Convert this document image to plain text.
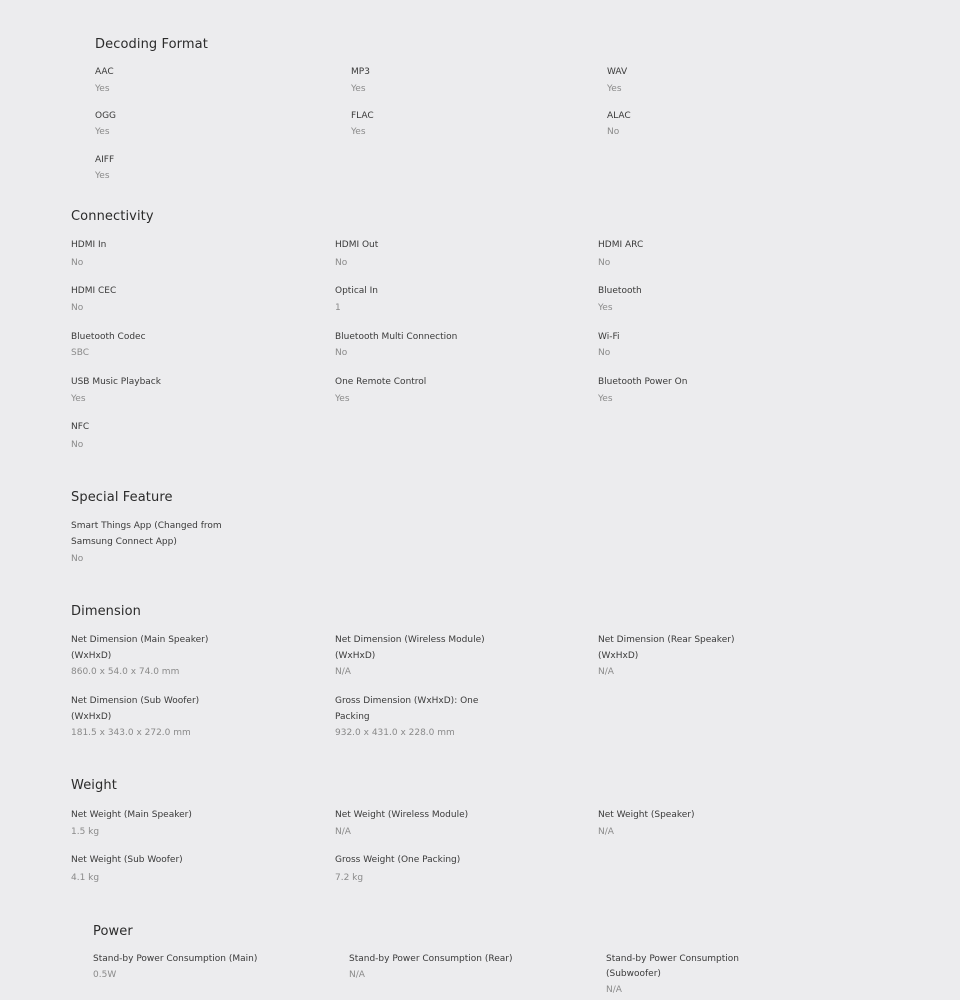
Decoding Format
AAC
Yes
MP3
Yes
WAV
Yes
OGG
Yes
FLAC
Yes
ALAC
No
AIFF
Yes
Connectivity
HDMI In
No
HDMI Out
No
HDMI ARC
No
HDMI CEC
No
Optical In
1
Bluetooth
Yes
Bluetooth Codec
SBC
Bluetooth Multi Connection
No
Wi-Fi
No
USB Music Playback
Yes
One Remote Control
Yes
Bluetooth Power On
Yes
NFC
No
Special Feature
Smart Things App (Changed from
Samsung Connect App)
No
Dimension
Net Dimension (Main Speaker)
(WxHxD)
860.0 x 54.0 x 74.0 mm
Net Dimension (Wireless Module)
(WxHxD)
N/A
Net Dimension (Rear Speaker)
(WxHxD)
N/A
Net Dimension (Sub Woofer)
(WxHxD)
181.5 x 343.0 x 272.0 mm
Gross Dimension (WxHxD): One
Packing
932.0 x 431.0 x 228.0 mm
Weight
Net Weight (Main Speaker)
1.5 kg
Net Weight (Wireless Module)
N/A
Net Weight (Speaker)
N/A
Net Weight (Sub Woofer)
4.1 kg
Gross Weight (One Packing)
7.2 kg
Power
Stand-by Power Consumption (Main)
0.5W
Stand-by Power Consumption (Rear)
N/A
Stand-by Power Consumption
(Subwoofer)
N/A
